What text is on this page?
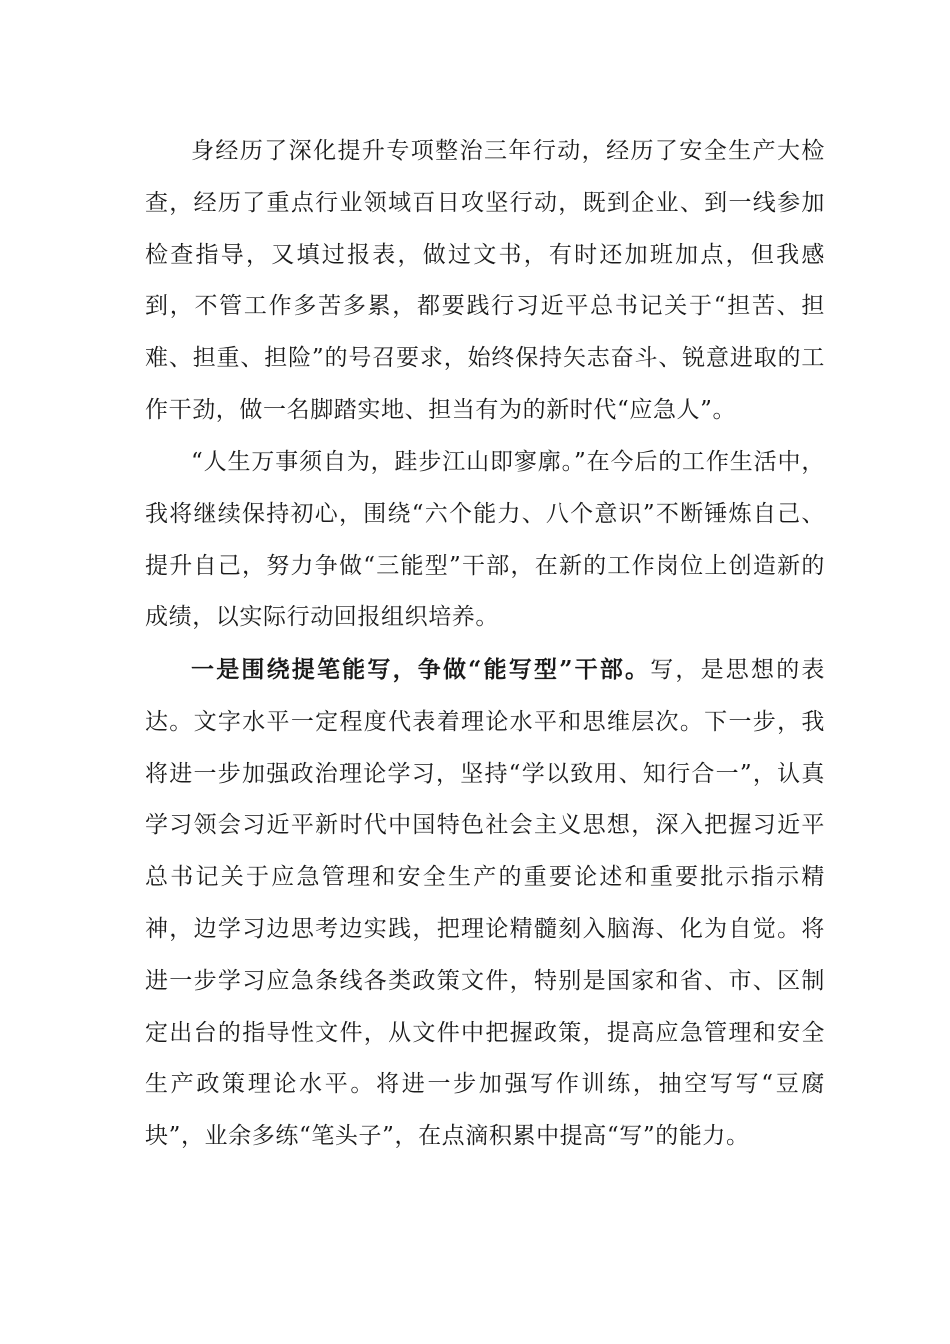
身经历了深化提升专项整治三年行动，经历了安全生产大检查，经历了重点行业领域百日攻坚行动，既到企业、到一线参加检查指导，又填过报表，做过文书，有时还加班加点，但我感到，不管工作多苦多累，都要践行习近平总书记关于“担苦、担难、担重、担险”的号召要求，始终保持矢志奋斗、锐意进取的工作干劲，做一名脚踏实地、担当有为的新时代“应急人”。

“人生万事须自为，跬步江山即寥廓。”在今后的工作生活中，我将继续保持初心，围绕“六个能力、八个意识”不断锤炼自己、提升自己，努力争做“三能型”干部，在新的工作岗位上创造新的成绩，以实际行动回报组织培养。

一是围绕提笔能写，争做“能写型”干部。写，是思想的表达。文字水平一定程度代表着理论水平和思维层次。下一步，我将进一步加强政治理论学习，坚持“学以致用、知行合一”，认真学习领会习近平新时代中国特色社会主义思想，深入把握习近平总书记关于应急管理和安全生产的重要论述和重要批示指示精神，边学习边思考边实践，把理论精髓刻入脑海、化为自觉。将进一步学习应急条线各类政策文件，特别是国家和省、市、区制定出台的指导性文件，从文件中把握政策，提高应急管理和安全生产政策理论水平。将进一步加强写作训练，抽空写写“豆腐块”，业余多练“笔头子”，在点滴积累中提高“写”的能力。
